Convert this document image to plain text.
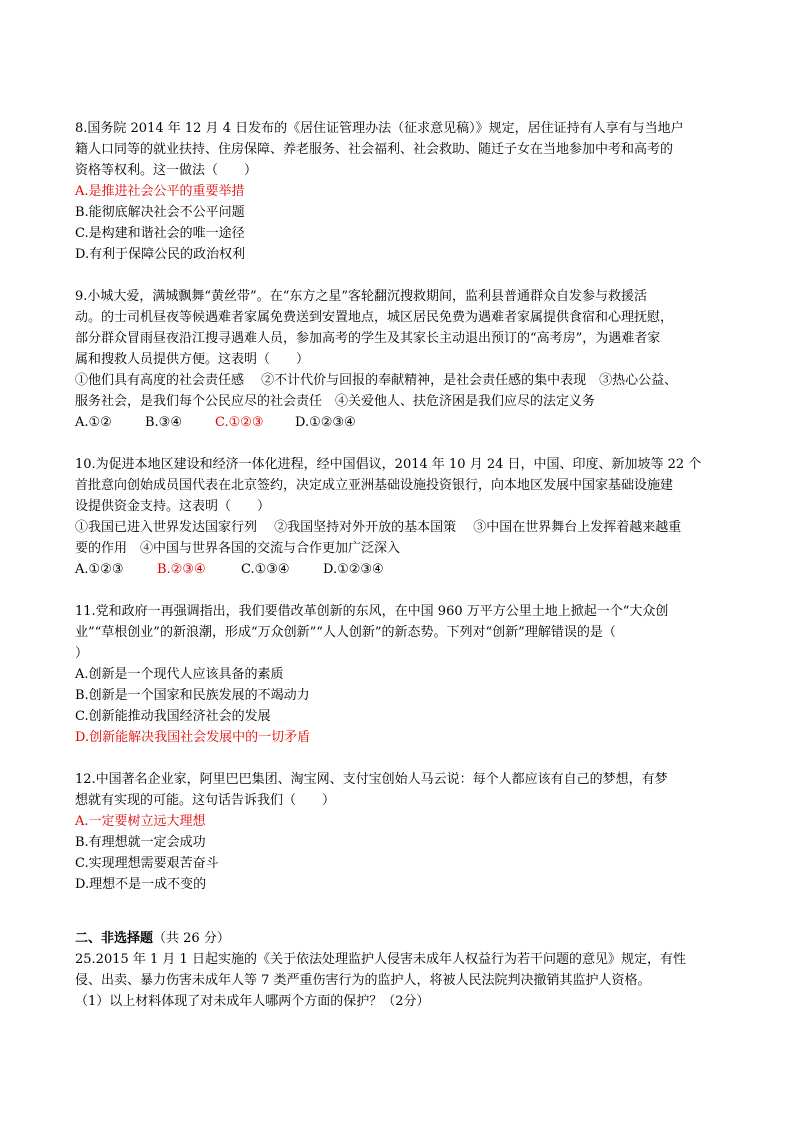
8.国务院 2014 年 12 月 4 日发布的《居住证管理办法（征求意见稿）》规定，居住证持有人享有与当地户

籍人口同等的就业扶持、住房保障、养老服务、社会福利、社会救助、随迁子女在当地参加中考和高考的

资格等权利。这一做法（　　）

A.是推进社会公平的重要举措

B.能彻底解决社会不公平问题

C.是构建和谐社会的唯一途径

D.有利于保障公民的政治权利

9.小城大爱，满城飘舞“黄丝带”。在“东方之星”客轮翻沉搜救期间，监利县普通群众自发参与救援活

动。的士司机昼夜等候遇难者家属免费送到安置地点，城区居民免费为遇难者家属提供食宿和心理抚慰，

部分群众冒雨昼夜沿江搜寻遇难人员，参加高考的学生及其家长主动退出预订的“高考房”，为遇难者家

属和搜救人员提供方便。这表明（　　）

①他们具有高度的社会责任感　 ②不计代价与回报的奉献精神，是社会责任感的集中表现　③热心公益、

服务社会，是我们每个公民应尽的社会责任　④关爱他人、扶危济困是我们应尽的法定义务

A.①②	B.③④	C.①②③ D.①②③④

10.为促进本地区建设和经济一体化进程，经中国倡议，2014 年 10 月 24 日，中国、印度、新加坡等 22 个

首批意向创始成员国代表在北京签约，决定成立亚洲基础设施投资银行，向本地区发展中国家基础设施建

设提供资金支持。这表明（　　）

①我国已进入世界发达国家行列　 ②我国坚持对外开放的基本国策　 ③中国在世界舞台上发挥着越来越重

要的作用　④中国与世界各国的交流与合作更加广泛深入

A.①②③	B.②③④	C.①③④	D.①②③④

11.党和政府一再强调指出，我们要借改革创新的东风，在中国 960 万平方公里土地上掀起一个“大众创

业”“草根创业”的新浪潮，形成“万众创新”“人人创新”的新态势。下列对“创新”理解错误的是（

）

A.创新是一个现代人应该具备的素质

B.创新是一个国家和民族发展的不竭动力

C.创新能推动我国经济社会的发展

D.创新能解决我国社会发展中的一切矛盾

12.中国著名企业家，阿里巴巴集团、淘宝网、支付宝创始人马云说：每个人都应该有自己的梦想，有梦

想就有实现的可能。这句话告诉我们（　　）

A.一定要树立远大理想

B.有理想就一定会成功

C.实现理想需要艰苦奋斗

D.理想不是一成不变的

二、非选择题（共 26 分）

25.2015 年 1 月 1 日起实施的《关于依法处理监护人侵害未成年人权益行为若干问题的意见》规定，有性

侵、出卖、暴力伤害未成年人等 7 类严重伤害行为的监护人，将被人民法院判决撤销其监护人资格。

（1）以上材料体现了对未成年人哪两个方面的保护？（2分）
